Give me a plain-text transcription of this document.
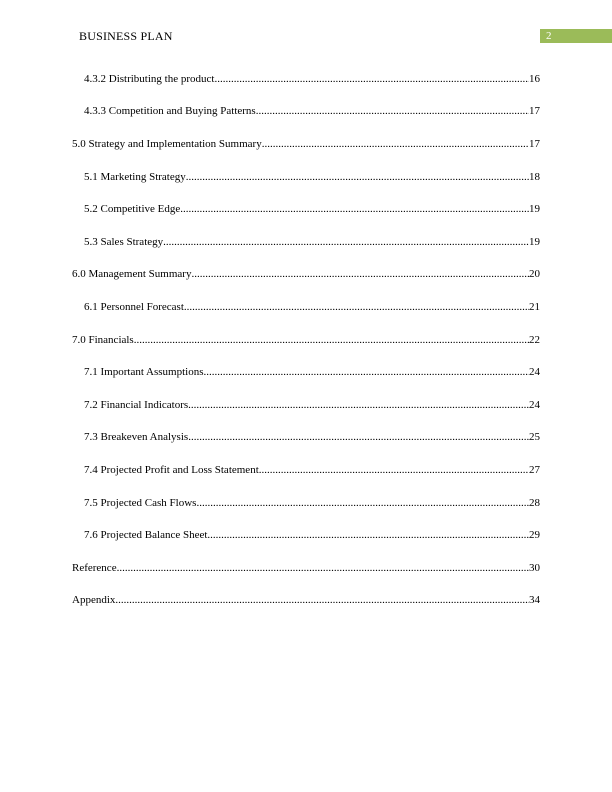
BUSINESS PLAN	2
4.3.2 Distributing the product .....	16
4.3.3 Competition and Buying Patterns .....	17
5.0 Strategy and Implementation Summary .....	17
5.1 Marketing Strategy .....	18
5.2 Competitive Edge .....	19
5.3 Sales Strategy .....	19
6.0 Management Summary .....	20
6.1 Personnel Forecast .....	21
7.0 Financials .....	22
7.1 Important Assumptions .....	24
7.2 Financial Indicators .....	24
7.3 Breakeven Analysis .....	25
7.4 Projected Profit and Loss Statement .....	27
7.5 Projected Cash Flows .....	28
7.6 Projected Balance Sheet .....	29
Reference .....	30
Appendix .....	34
